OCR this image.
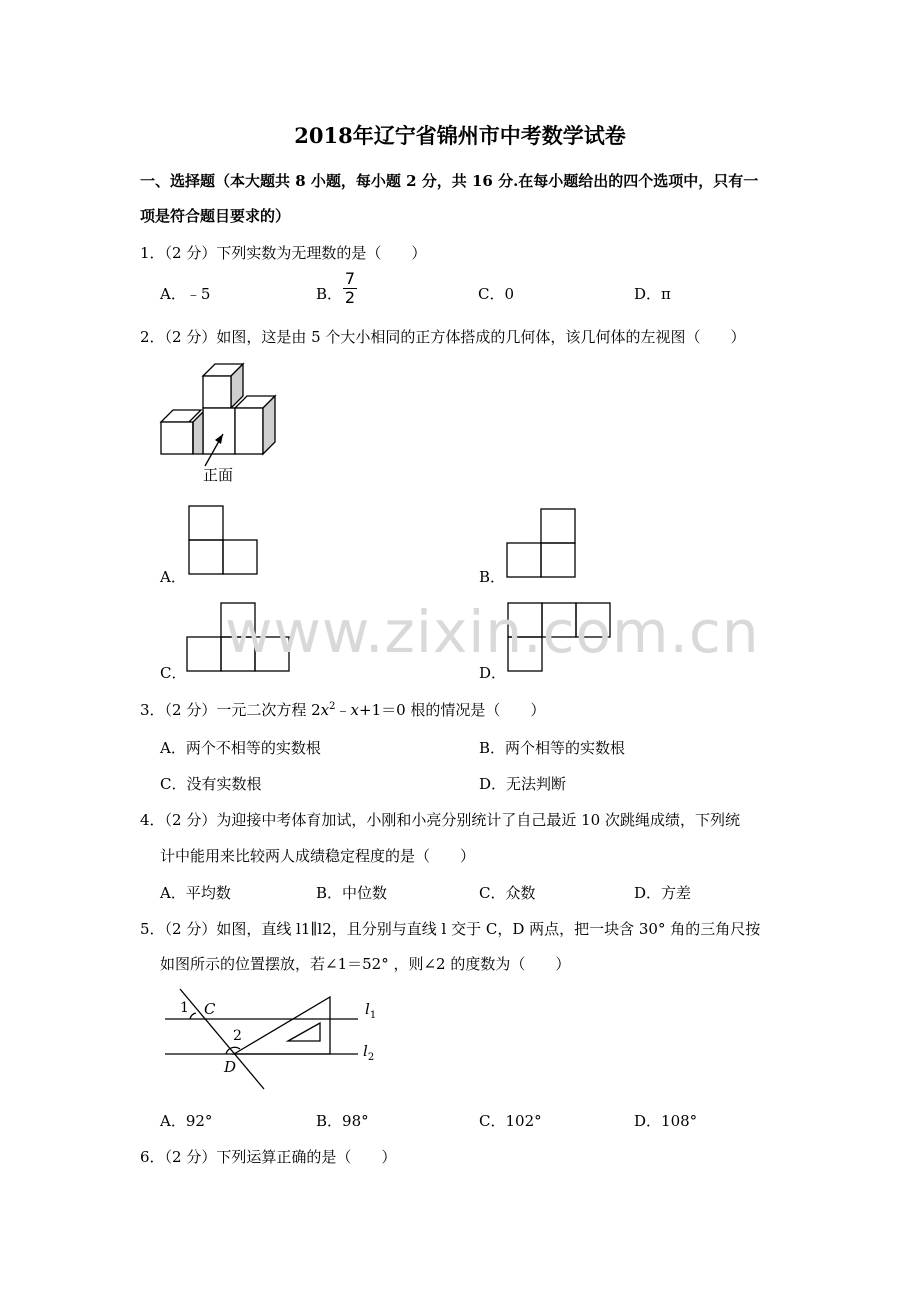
2018年辽宁省锦州市中考数学试卷
一、选择题（本大题共 8 小题，每小题 2 分，共 16 分.在每小题给出的四个选项中，只有一
项是符合题目要求的）
1．（2 分）下列实数为无理数的是（　　）
A．﹣5	B．
7
2	C．0	D．π
2．（2 分）如图，这是由 5 个大小相同的正方体搭成的几何体，该几何体的左视图（　　）
正面
A．	B．
C．	D．
www.zixin.com.cn
3．（2 分）一元二次方程 $2x^2﹣x+1=0$ 根的情况是（　　）
A．两个不相等的实数根	B．两个相等的实数根
C．没有实数根	D．无法判断
4．（2 分）为迎接中考体育加试，小刚和小亮分别统计了自己最近 10 次跳绳成绩，下列统
计中能用来比较两人成绩稳定程度的是（　　）
A．平均数	B．中位数	C．众数	D．方差
5．（2 分）如图，直线 l1∥l2，且分别与直线 l 交于 C，D 两点，把一块含 30° 角的三角尺按
如图所示的位置摆放，若∠1＝52° ，则∠2 的度数为（　　）
1 C
2
D
$l_1$
$l_2$
A．92°	B．98°	C．102°	D．108°
6．（2 分）下列运算正确的是（　　）
